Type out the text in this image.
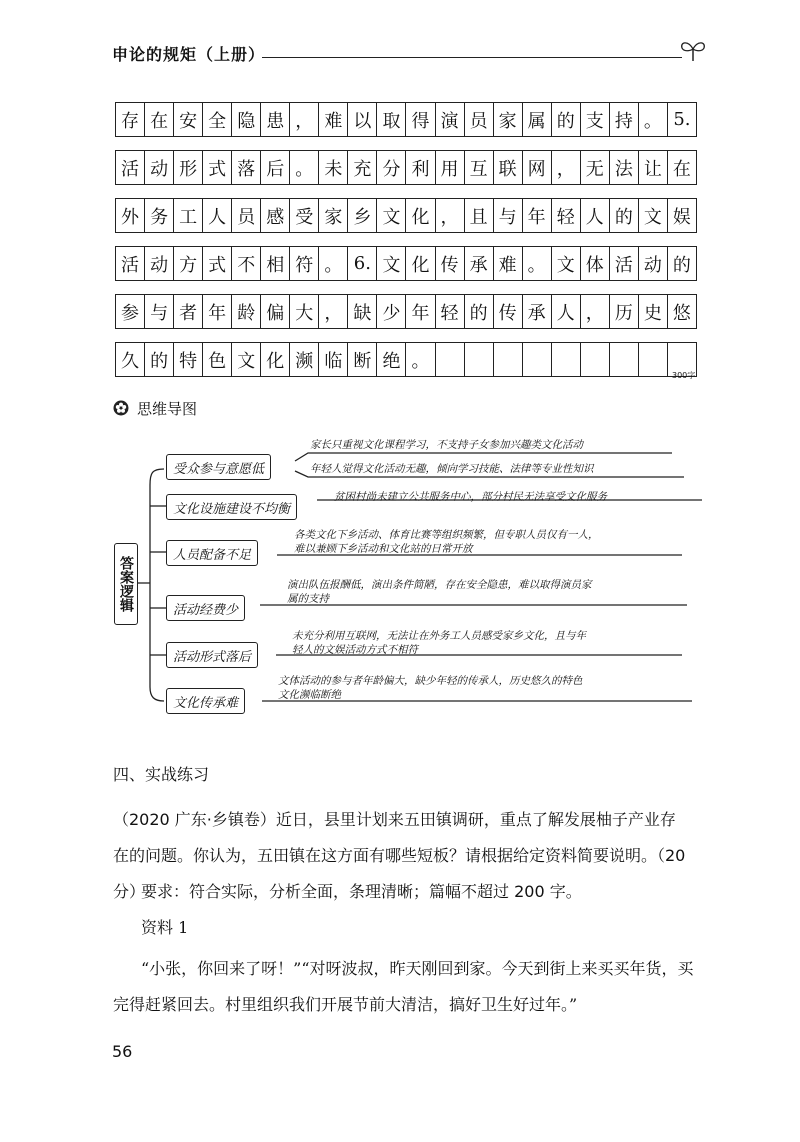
申论的规矩（上册）
存 在 安 全 隐 患 ， 难 以 取 得 演 员 家 属 的 支 持 。 5.
活 动 形 式 落 后 。 未 充 分 利 用 互 联 网 ， 无 法 让 在
外 务 工 人 员 感 受 家 乡 文 化 ， 且 与 年 轻 人 的 文 娱
活 动 方 式 不 相 符 。 6. 文 化 传 承 难 。 文 体 活 动 的
参 与 者 年 龄 偏 大 ， 缺 少 年 轻 的 传 承 人 ， 历 史 悠
久 的 特 色 文 化 濒 临 断 绝 。
300字
思维导图
答案逻辑
受众参与意愿低
家长只重视文化课程学习，不支持子女参加兴趣类文化活动
年轻人觉得文化活动无趣，倾向学习技能、法律等专业性知识
文化设施建设不均衡
贫困村尚未建立公共服务中心，部分村民无法享受文化服务
人员配备不足
各类文化下乡活动、体育比赛等组织频繁，但专职人员仅有一人，
难以兼顾下乡活动和文化站的日常开放
活动经费少
演出队伍报酬低，演出条件简陋，存在安全隐患，难以取得演员家
属的支持
活动形式落后
未充分利用互联网，无法让在外务工人员感受家乡文化，且与年
轻人的文娱活动方式不相符
文化传承难
文体活动的参与者年龄偏大，缺少年轻的传承人，历史悠久的特色
文化濒临断绝
四、实战练习
（2020 广东·乡镇卷）近日，县里计划来五田镇调研，重点了解发展柚子产业存
在的问题。你认为，五田镇在这方面有哪些短板？请根据给定资料简要说明。（20 分）
要求：符合实际，分析全面，条理清晰；篇幅不超过 200 字。
资料 1
“小张，你回来了呀！”“对呀波叔，昨天刚回到家。今天到街上来买买年货，买
完得赶紧回去。村里组织我们开展节前大清洁，搞好卫生好过年。”
56
